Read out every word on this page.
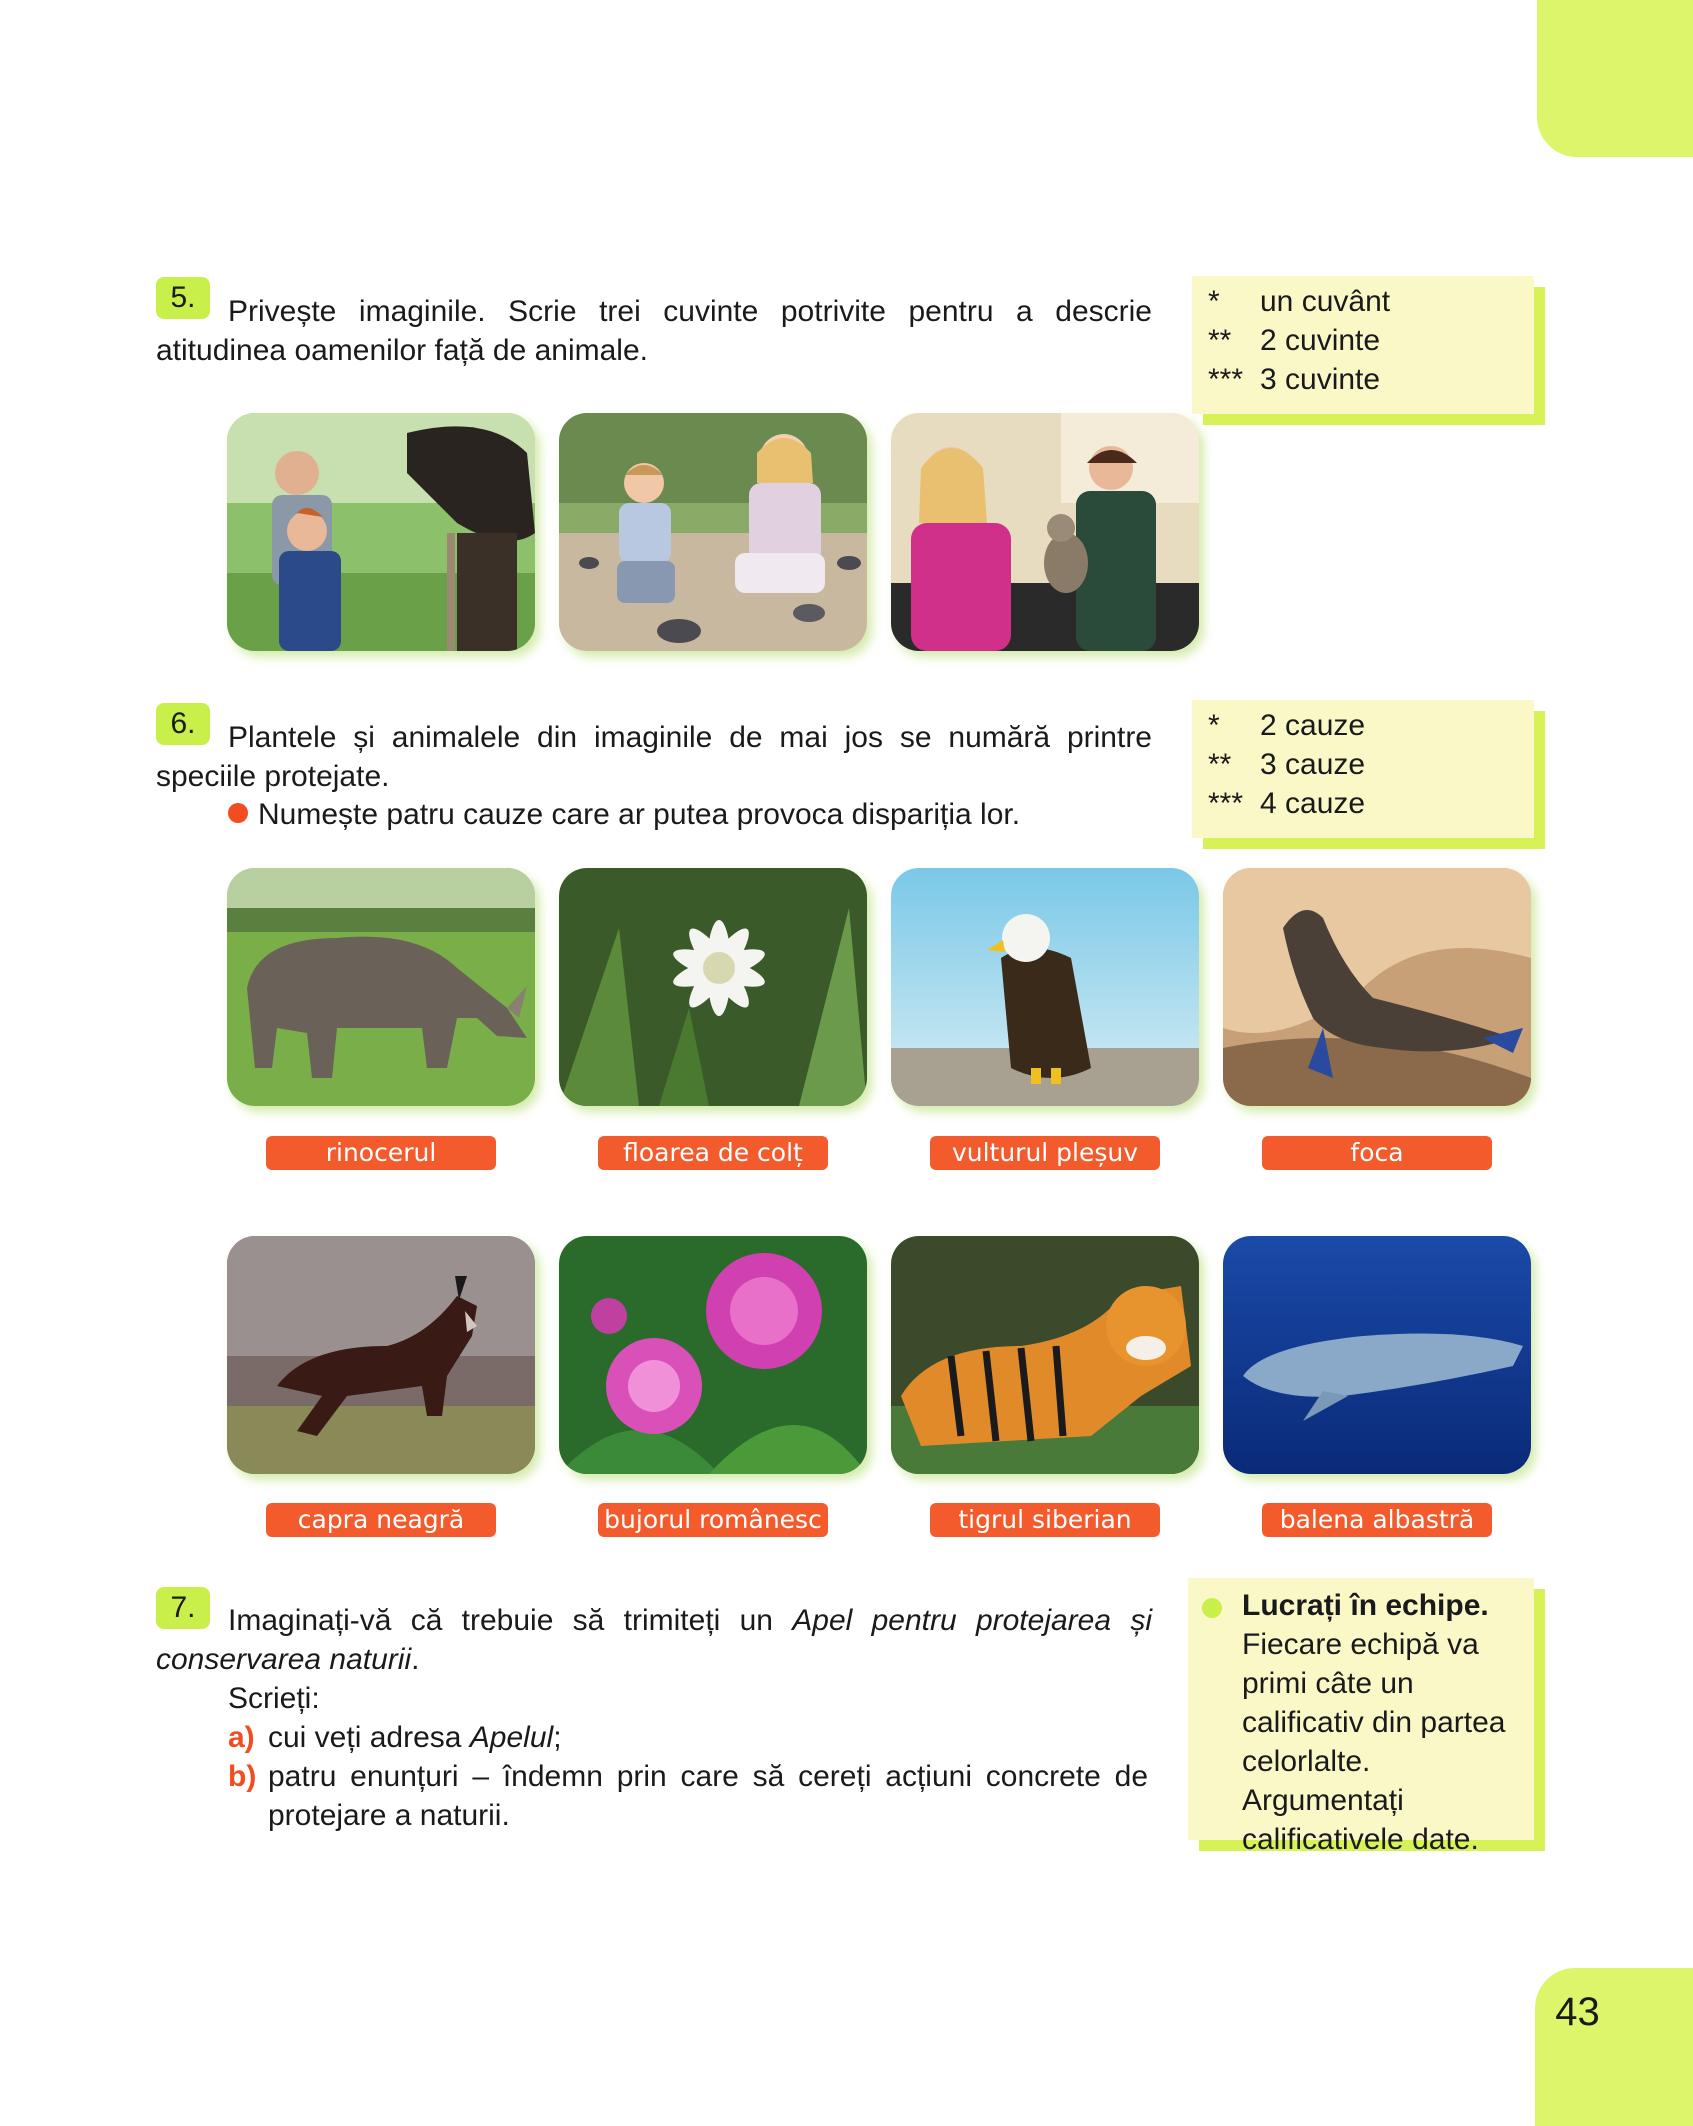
43
5.	Privește imaginile. Scrie trei cuvinte potrivite pentru a descrie atitudinea oamenilor față de animale.

*	un cuvânt
** 2 cuvinte
*** 3 cuvinte
6.	Plantele și animalele din imaginile de mai jos se numără printre speciile protejate.

Numește patru cauze care ar putea provoca dispariția lor.
*	2 cauze
** 3 cauze
*** 4 cauze
rinocerul	floarea de colț	vulturul pleșuv	foca
capra neagră	bujorul românesc	tigrul siberian	balena albastră
7.	Imaginați-vă că trebuie să trimiteți un Apel pentru protejarea și conservarea naturii.

Scrieți:
a) cui veți adresa Apelul;
b) patru enunțuri – îndemn prin care să cereți acțiuni concrete de protejare a naturii.
Lucrați în echipe.
Fiecare echipă va primi câte un calificativ din partea celorlalte. Argumentați calificativele date.
